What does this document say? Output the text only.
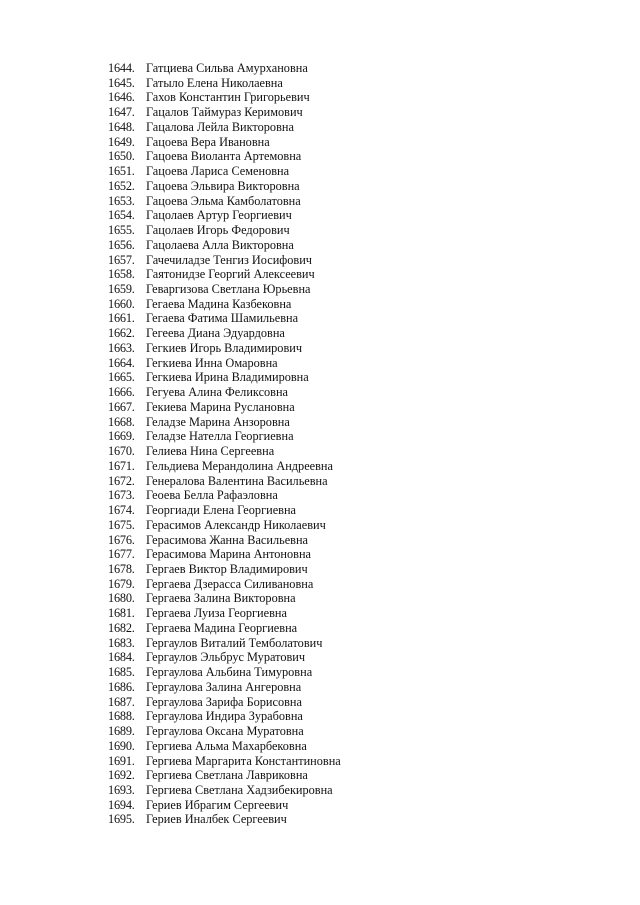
1644. Гатциева Сильва Амурхановна
1645. Гатыло Елена Николаевна
1646. Гахов Константин Григорьевич
1647. Гацалов Таймураз Керимович
1648. Гацалова Лейла Викторовна
1649. Гацоева Вера Ивановна
1650. Гацоева Виоланта Артемовна
1651. Гацоева Лариса Семеновна
1652. Гацоева Эльвира Викторовна
1653. Гацоева Эльма Камболатовна
1654. Гацолаев Артур Георгиевич
1655. Гацолаев Игорь Федорович
1656. Гацолаева Алла Викторовна
1657. Гачечиладзе Тенгиз Иосифович
1658. Гаятонидзе Георгий Алексеевич
1659. Геваргизова Светлана Юрьевна
1660. Гегаева Мадина Казбековна
1661. Гегаева Фатима Шамильевна
1662. Гегеева Диана Эдуардовна
1663. Гегкиев Игорь Владимирович
1664. Гегкиева Инна Омаровна
1665. Гегкиева Ирина Владимировна
1666. Гегуева Алина Феликсовна
1667. Гекиева Марина Руслановна
1668. Геладзе Марина Анзоровна
1669. Геладзе Нателла Георгиевна
1670. Гелиева Нина Сергеевна
1671. Гельдиева Мерандолина Андреевна
1672. Генералова Валентина Васильевна
1673. Геоева Белла Рафаэловна
1674. Георгиади Елена Георгиевна
1675. Герасимов Александр Николаевич
1676. Герасимова Жанна Васильевна
1677. Герасимова Марина Антоновна
1678. Гергаев Виктор Владимирович
1679. Гергаева Дзерасса Силивановна
1680. Гергаева Залина Викторовна
1681. Гергаева Луиза Георгиевна
1682. Гергаева Мадина Георгиевна
1683. Гергаулов Виталий Темболатович
1684. Гергаулов Эльбрус Муратович
1685. Гергаулова Альбина Тимуровна
1686. Гергаулова Залина Ангеровна
1687. Гергаулова Зарифа Борисовна
1688. Гергаулова Индира Зурабовна
1689. Гергаулова Оксана Муратовна
1690. Гергиева Альма Махарбековна
1691. Гергиева Маргарита Константиновна
1692. Гергиева Светлана Лавриковна
1693. Гергиева Светлана Хадзибекировна
1694. Гериев Ибрагим Сергеевич
1695. Гериев Иналбек Сергеевич
